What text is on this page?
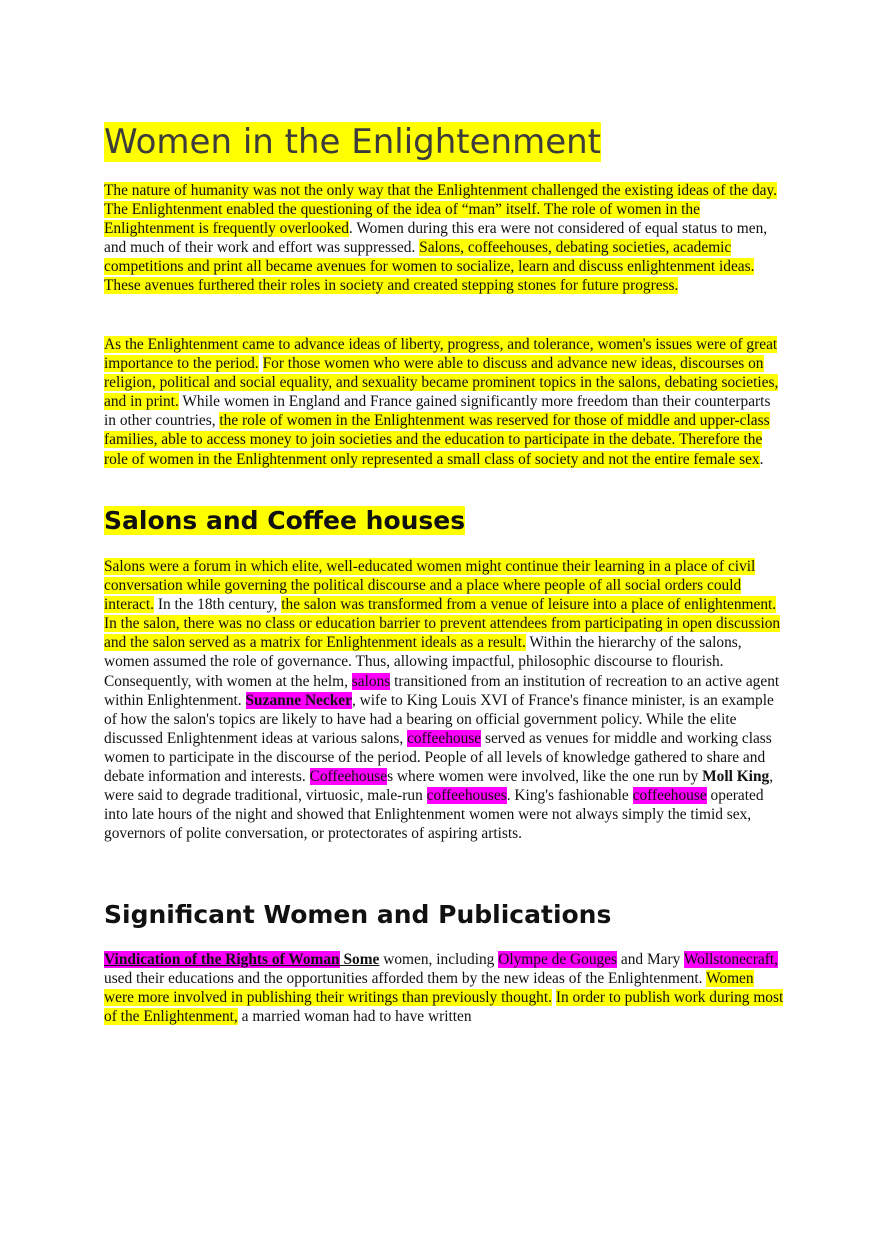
Women in the Enlightenment

The nature of humanity was not the only way that the Enlightenment challenged the existing ideas of the day. The Enlightenment enabled the questioning of the idea of “man” itself. The role of women in the Enlightenment is frequently overlooked. Women during this era were not considered of equal status to men, and much of their work and effort was suppressed. Salons, coffeehouses, debating societies, academic competitions and print all became avenues for women to socialize, learn and discuss enlightenment ideas. These avenues furthered their roles in society and created stepping stones for future progress.

As the Enlightenment came to advance ideas of liberty, progress, and tolerance, women's issues were of great importance to the period. For those women who were able to discuss and advance new ideas, discourses on religion, political and social equality, and sexuality became prominent topics in the salons, debating societies, and in print. While women in England and France gained significantly more freedom than their counterparts in other countries, the role of women in the Enlightenment was reserved for those of middle and upper-class families, able to access money to join societies and the education to participate in the debate. Therefore the role of women in the Enlightenment only represented a small class of society and not the entire female sex.

Salons and Coffee houses

Salons were a forum in which elite, well-educated women might continue their learning in a place of civil conversation while governing the political discourse and a place where people of all social orders could interact. In the 18th century, the salon was transformed from a venue of leisure into a place of enlightenment. In the salon, there was no class or education barrier to prevent attendees from participating in open discussion and the salon served as a matrix for Enlightenment ideals as a result. Within the hierarchy of the salons, women assumed the role of governance. Thus, allowing impactful, philosophic discourse to flourish. Consequently, with women at the helm, salons transitioned from an institution of recreation to an active agent within Enlightenment. Suzanne Necker, wife to King Louis XVI of France's finance minister, is an example of how the salon's topics are likely to have had a bearing on official government policy. While the elite discussed Enlightenment ideas at various salons, coffeehouse served as venues for middle and working class women to participate in the discourse of the period. People of all levels of knowledge gathered to share and debate information and interests. Coffeehouses where women were involved, like the one run by Moll King, were said to degrade traditional, virtuosic, male-run coffeehouses. King's fashionable coffeehouse operated into late hours of the night and showed that Enlightenment women were not always simply the timid sex, governors of polite conversation, or protectorates of aspiring artists.

Significant Women and Publications

Vindication of the Rights of Woman Some women, including Olympe de Gouges and Mary Wollstonecraft, used their educations and the opportunities afforded them by the new ideas of the Enlightenment. Women were more involved in publishing their writings than previously thought. In order to publish work during most of the Enlightenment, a married woman had to have written
